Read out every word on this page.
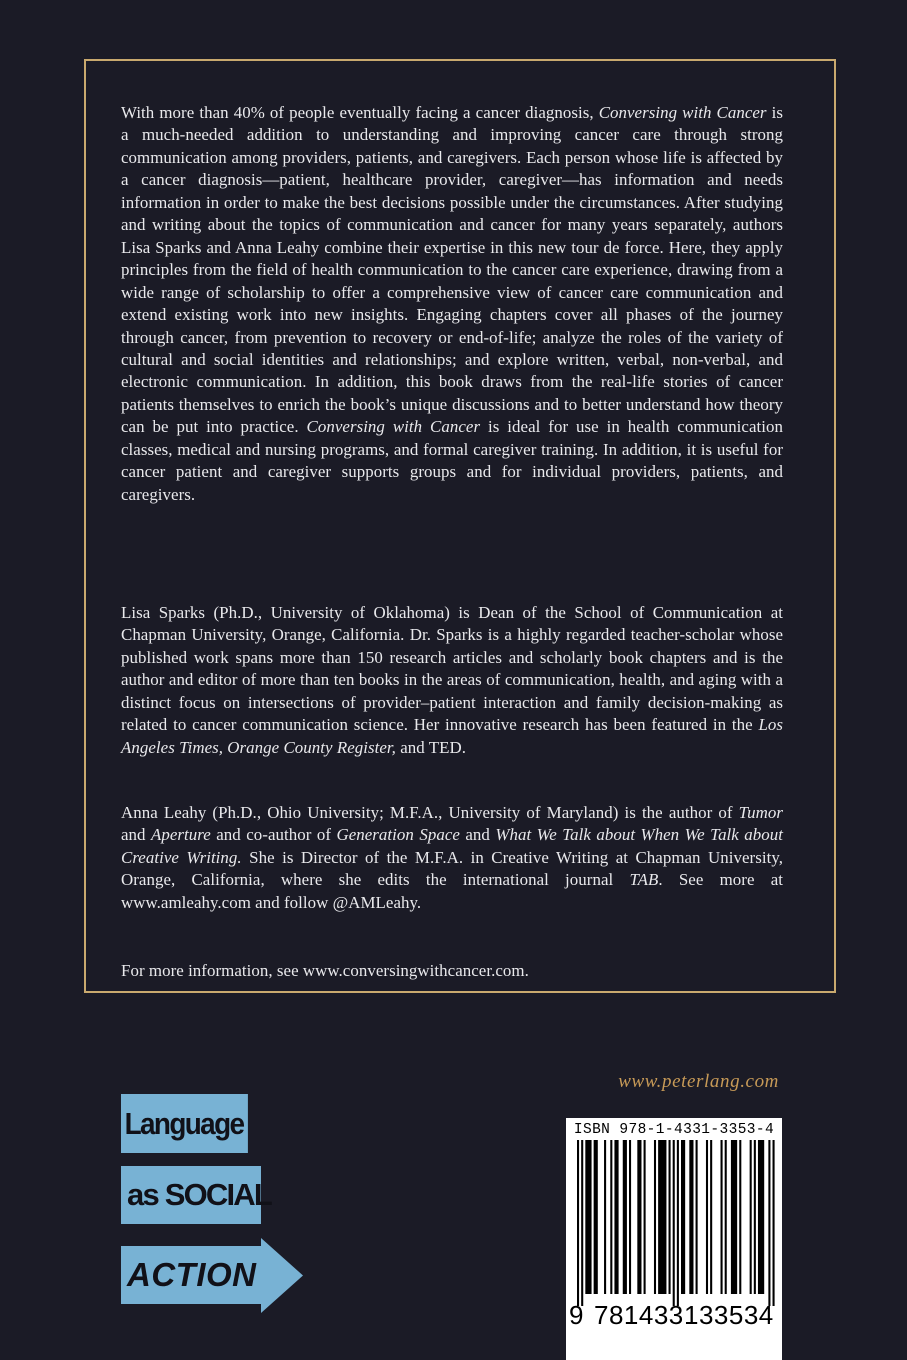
With more than 40% of people eventually facing a cancer diagnosis, Conversing with Cancer is a much-needed addition to understanding and improving cancer care through strong communication among providers, patients, and caregivers. Each person whose life is affected by a cancer diagnosis—patient, healthcare provider, caregiver—has information and needs information in order to make the best decisions possible under the circumstances. After studying and writing about the topics of communication and cancer for many years separately, authors Lisa Sparks and Anna Leahy combine their expertise in this new tour de force. Here, they apply principles from the field of health communication to the cancer care experience, drawing from a wide range of scholarship to offer a comprehensive view of cancer care communication and extend existing work into new insights. Engaging chapters cover all phases of the journey through cancer, from prevention to recovery or end-of-life; analyze the roles of the variety of cultural and social identities and relationships; and explore written, verbal, non-verbal, and electronic communication. In addition, this book draws from the real-life stories of cancer patients themselves to enrich the book’s unique discussions and to better understand how theory can be put into practice. Conversing with Cancer is ideal for use in health communication classes, medical and nursing programs, and formal caregiver training. In addition, it is useful for cancer patient and caregiver supports groups and for individual providers, patients, and caregivers.

Lisa Sparks (Ph.D., University of Oklahoma) is Dean of the School of Communication at Chapman University, Orange, California. Dr. Sparks is a highly regarded teacher-scholar whose published work spans more than 150 research articles and scholarly book chapters and is the author and editor of more than ten books in the areas of communication, health, and aging with a distinct focus on intersections of provider–patient interaction and family decision-making as related to cancer communication science. Her innovative research has been featured in the Los Angeles Times, Orange County Register, and TED.

Anna Leahy (Ph.D., Ohio University; M.F.A., University of Maryland) is the author of Tumor and Aperture and co-author of Generation Space and What We Talk about When We Talk about Creative Writing. She is Director of the M.F.A. in Creative Writing at Chapman University, Orange, California, where she edits the international journal TAB. See more at www.amleahy.com and follow @AMLeahy.

For more information, see www.conversingwithcancer.com.
www.peterlang.com
Language
as SOCIAL
ACTION
ISBN 978-1-4331-3353-4
9 781433 133534
